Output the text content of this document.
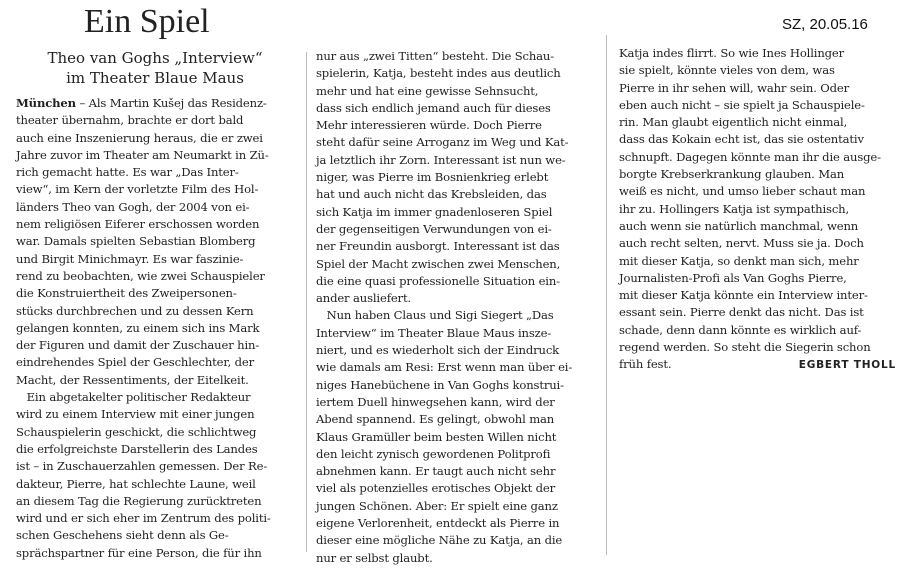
Ein Spiel	SZ, 20.05.16
Theo van Goghs „Interview“
im Theater Blaue Maus
München – Als Martin Kušej das Residenz-
theater übernahm, brachte er dort bald
auch eine Inszenierung heraus, die er zwei
Jahre zuvor im Theater am Neumarkt in Zü-
rich gemacht hatte. Es war „Das Inter-
view“, im Kern der vorletzte Film des Hol-
länders Theo van Gogh, der 2004 von ei-
nem religiösen Eiferer erschossen worden
war. Damals spielten Sebastian Blomberg
und Birgit Minichmayr. Es war faszinie-
rend zu beobachten, wie zwei Schauspieler
die Konstruiertheit des Zweipersonen-
stücks durchbrechen und zu dessen Kern
gelangen konnten, zu einem sich ins Mark
der Figuren und damit der Zuschauer hin-
eindrehendes Spiel der Geschlechter, der
Macht, der Ressentiments, der Eitelkeit.
Ein abgetakelter politischer Redakteur
wird zu einem Interview mit einer jungen
Schauspielerin geschickt, die schlichtweg
die erfolgreichste Darstellerin des Landes
ist – in Zuschauerzahlen gemessen. Der Re-
dakteur, Pierre, hat schlechte Laune, weil
an diesem Tag die Regierung zurücktreten
wird und er sich eher im Zentrum des politi-
schen Geschehens sieht denn als Ge-
sprächspartner für eine Person, die für ihn
nur aus „zwei Titten“ besteht. Die Schau-
spielerin, Katja, besteht indes aus deutlich
mehr und hat eine gewisse Sehnsucht,
dass sich endlich jemand auch für dieses
Mehr interessieren würde. Doch Pierre
steht dafür seine Arroganz im Weg und Kat-
ja letztlich ihr Zorn. Interessant ist nun we-
niger, was Pierre im Bosnienkrieg erlebt
hat und auch nicht das Krebsleiden, das
sich Katja im immer gnadenloseren Spiel
der gegenseitigen Verwundungen von ei-
ner Freundin ausborgt. Interessant ist das
Spiel der Macht zwischen zwei Menschen,
die eine quasi professionelle Situation ein-
ander ausliefert.
Nun haben Claus und Sigi Siegert „Das
Interview“ im Theater Blaue Maus insze-
niert, und es wiederholt sich der Eindruck
wie damals am Resi: Erst wenn man über ei-
niges Hanebüchene in Van Goghs konstrui-
iertem Duell hinwegsehen kann, wird der
Abend spannend. Es gelingt, obwohl man
Klaus Gramüller beim besten Willen nicht
den leicht zynisch gewordenen Politprofi
abnehmen kann. Er taugt auch nicht sehr
viel als potenzielles erotisches Objekt der
jungen Schönen. Aber: Er spielt eine ganz
eigene Verlorenheit, entdeckt als Pierre in
dieser eine mögliche Nähe zu Katja, an die
nur er selbst glaubt.
Katja indes flirrt. So wie Ines Hollinger
sie spielt, könnte vieles von dem, was
Pierre in ihr sehen will, wahr sein. Oder
eben auch nicht – sie spielt ja Schauspiele-
rin. Man glaubt eigentlich nicht einmal,
dass das Kokain echt ist, das sie ostentativ
schnupft. Dagegen könnte man ihr die ausge-
borgte Krebserkrankung glauben. Man
weiß es nicht, und umso lieber schaut man
ihr zu. Hollingers Katja ist sympathisch,
auch wenn sie natürlich manchmal, wenn
auch recht selten, nervt. Muss sie ja. Doch
mit dieser Katja, so denkt man sich, mehr
Journalisten-Profi als Van Goghs Pierre,
mit dieser Katja könnte ein Interview inter-
essant sein. Pierre denkt das nicht. Das ist
schade, denn dann könnte es wirklich auf-
regend werden. So steht die Siegerin schon
früh fest.	EGBERT THOLL
